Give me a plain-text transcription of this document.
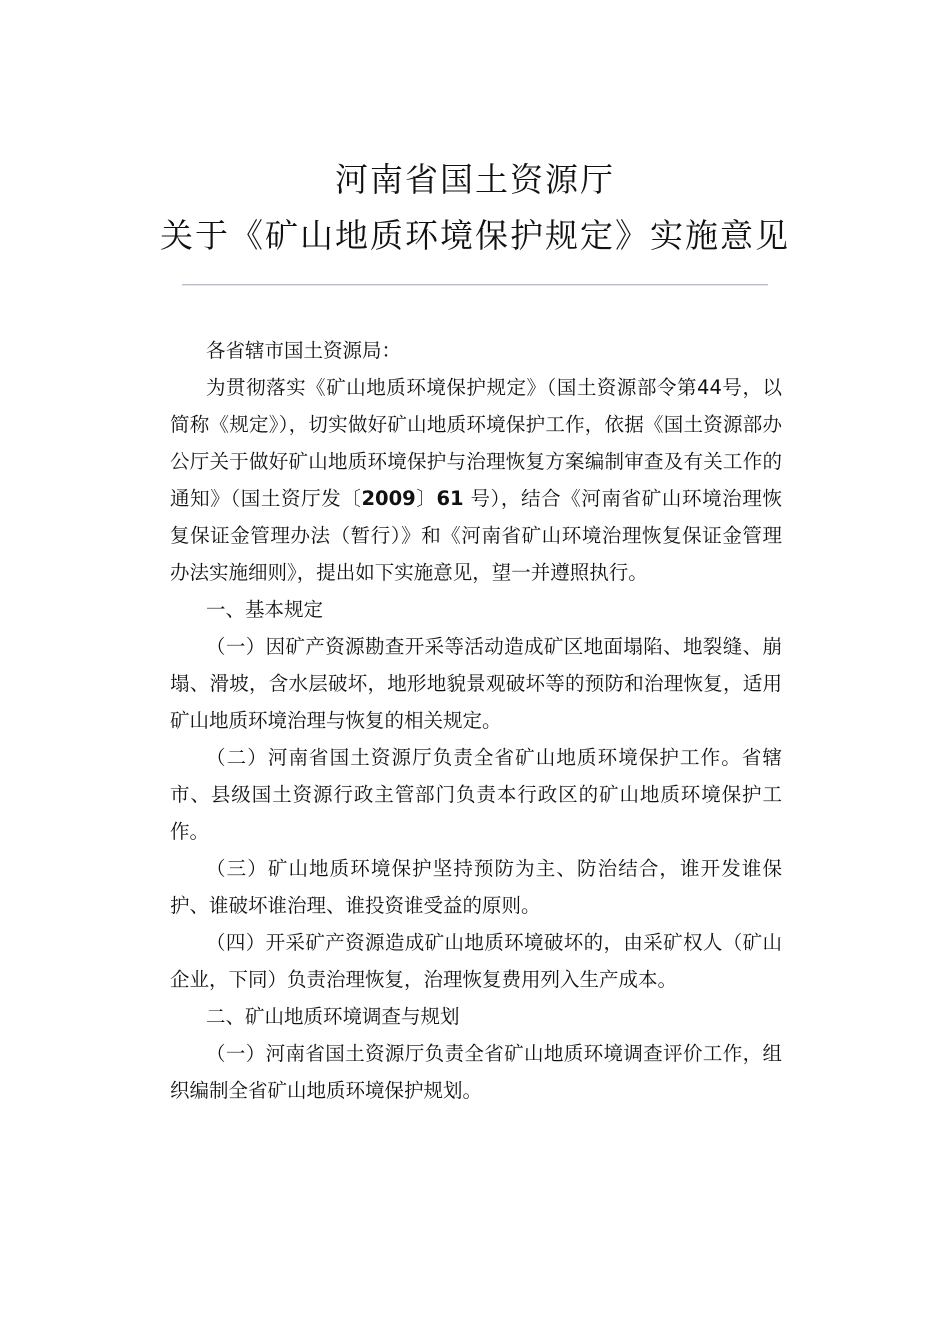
河南省国土资源厅
关于《矿山地质环境保护规定》实施意见

各省辖市国土资源局：

为贯彻落实《矿山地质环境保护规定》（国土资源部令第44号，以简称《规定》），切实做好矿山地质环境保护工作，依据《国土资源部办公厅关于做好矿山地质环境保护与治理恢复方案编制审查及有关工作的通知》（国土资厅发〔2009〕61 号），结合《河南省矿山环境治理恢复保证金管理办法（暂行）》和《河南省矿山环境治理恢复保证金管理办法实施细则》，提出如下实施意见，望一并遵照执行。

一、基本规定

（一）因矿产资源勘查开采等活动造成矿区地面塌陷、地裂缝、崩塌、滑坡，含水层破坏，地形地貌景观破坏等的预防和治理恢复，适用矿山地质环境治理与恢复的相关规定。

（二）河南省国土资源厅负责全省矿山地质环境保护工作。省辖市、县级国土资源行政主管部门负责本行政区的矿山地质环境保护工作。

（三）矿山地质环境保护坚持预防为主、防治结合，谁开发谁保护、谁破坏谁治理、谁投资谁受益的原则。

（四）开采矿产资源造成矿山地质环境破坏的，由采矿权人（矿山企业，下同）负责治理恢复，治理恢复费用列入生产成本。

二、矿山地质环境调查与规划

（一）河南省国土资源厅负责全省矿山地质环境调查评价工作，组织编制全省矿山地质环境保护规划。
